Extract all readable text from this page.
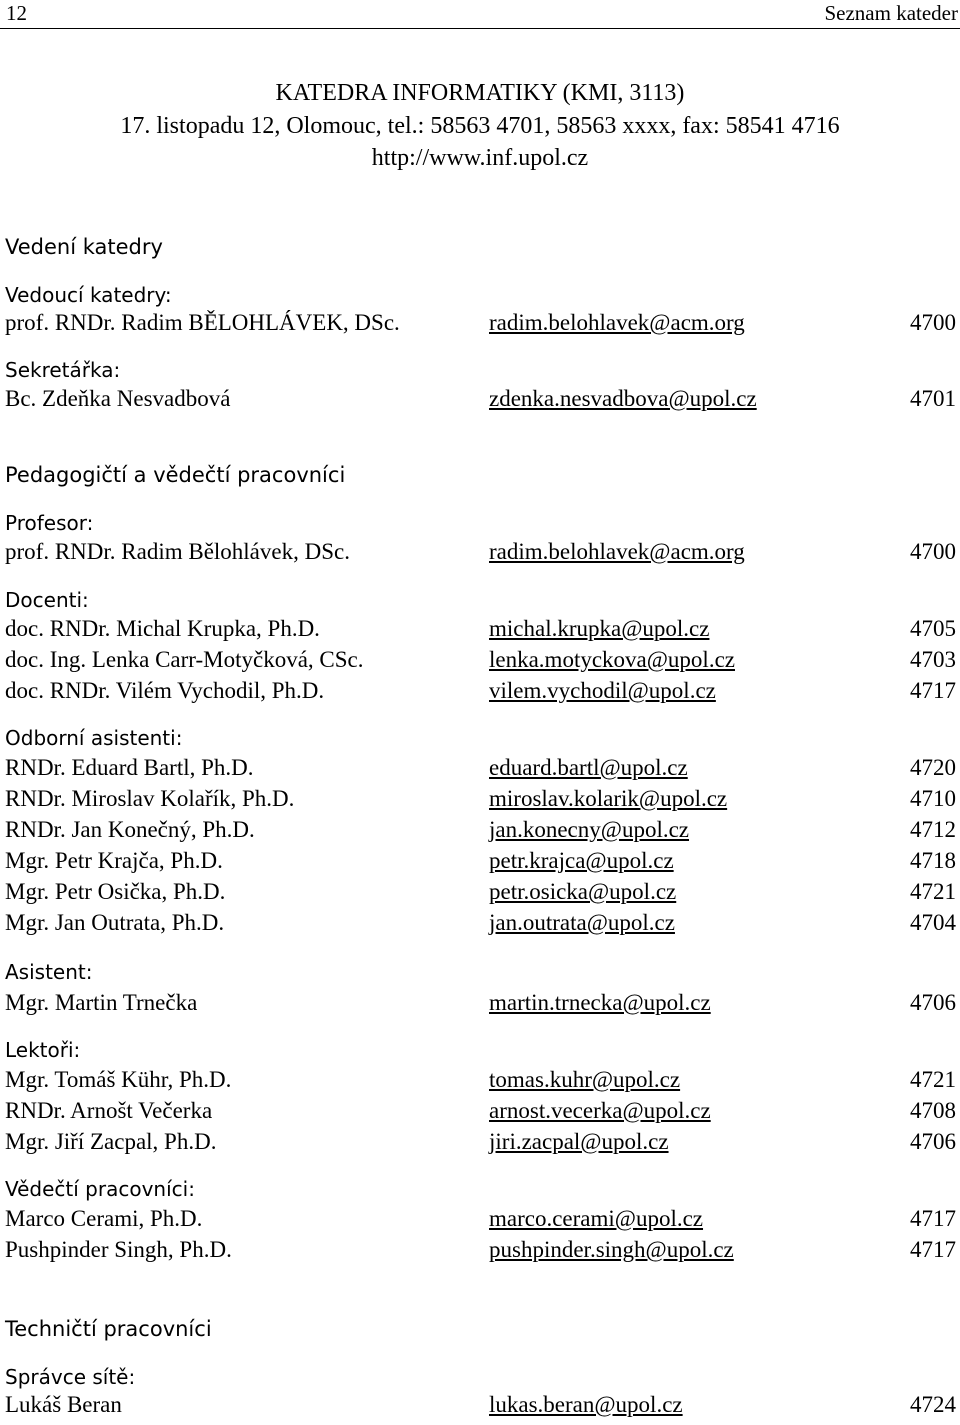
12	Seznam kateder
KATEDRA INFORMATIKY (KMI, 3113)
17. listopadu 12, Olomouc, tel.: 58563 4701, 58563 xxxx, fax: 58541 4716
http://www.inf.upol.cz
Vedení katedry
Vedoucí katedry:
prof. RNDr. Radim BĚLOHLÁVEK, DSc.	radim.belohlavek@acm.org	4700
Sekretářka:
Bc. Zdeňka Nesvadbová	zdenka.nesvadbova@upol.cz	4701
Pedagogičtí a vědečtí pracovníci
Profesor:
prof. RNDr. Radim Bělohlávek, DSc.	radim.belohlavek@acm.org	4700
Docenti:
doc. RNDr. Michal Krupka, Ph.D.	michal.krupka@upol.cz	4705
doc. Ing. Lenka Carr-Motyčková, CSc.	lenka.motyckova@upol.cz	4703
doc. RNDr. Vilém Vychodil, Ph.D.	vilem.vychodil@upol.cz	4717
Odborní asistenti:
RNDr. Eduard Bartl, Ph.D.	eduard.bartl@upol.cz	4720
RNDr. Miroslav Kolařík, Ph.D.	miroslav.kolarik@upol.cz	4710
RNDr. Jan Konečný, Ph.D.	jan.konecny@upol.cz	4712
Mgr. Petr Krajča, Ph.D.	petr.krajca@upol.cz	4718
Mgr. Petr Osička, Ph.D.	petr.osicka@upol.cz	4721
Mgr. Jan Outrata, Ph.D.	jan.outrata@upol.cz	4704
Asistent:
Mgr. Martin Trnečka	martin.trnecka@upol.cz	4706
Lektoři:
Mgr. Tomáš Kühr, Ph.D.	tomas.kuhr@upol.cz	4721
RNDr. Arnošt Večerka	arnost.vecerka@upol.cz	4708
Mgr. Jiří Zacpal, Ph.D.	jiri.zacpal@upol.cz	4706
Vědečtí pracovníci:
Marco Cerami, Ph.D.	marco.cerami@upol.cz	4717
Pushpinder Singh, Ph.D.	pushpinder.singh@upol.cz	4717
Techničtí pracovníci
Správce sítě:
Lukáš Beran	lukas.beran@upol.cz	4724
